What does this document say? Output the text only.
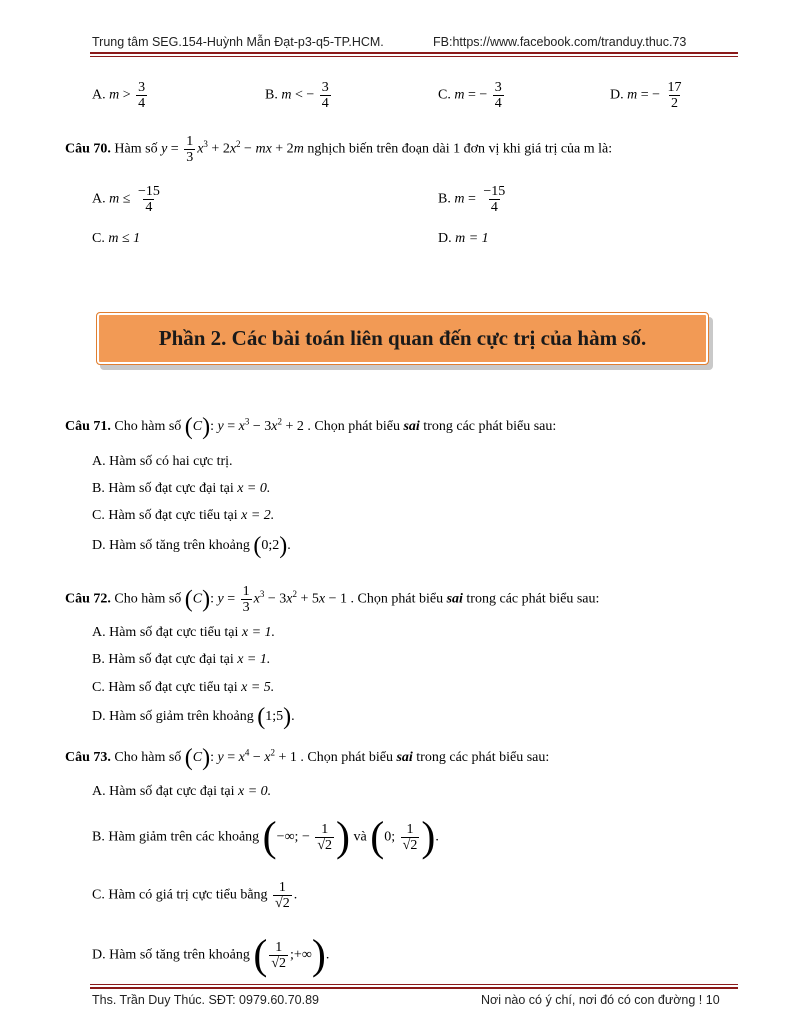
Trung tâm SEG.154-Huỳnh Mẫn Đạt-p3-q5-TP.HCM.	FB:https://www.facebook.com/tranduy.thuc.73
A. $m > \frac{3}{4}$	B. m < − $\frac{3}{4}$	C. m = − $\frac{3}{4}$	D. m = − $\frac{17}{2}$
Câu 70. Hàm số $y = \frac{1}{3} x^3 + 2x^2$ − mx + 2m nghịch biến trên đoạn dài 1 đơn vị khi giá trị của m là:
A. $m \le \frac{-15}{4}$	B. $m = \frac{-15}{4}$
C. m ≤ 1	D. m = 1
Phần 2. Các bài toán liên quan đến cực trị của hàm số.
Câu 71. Cho hàm số (C): $y = x^3 - 3x^2 + 2$ . Chọn phát biểu sai trong các phát biểu sau:
A. Hàm số có hai cực trị.
B. Hàm số đạt cực đại tại x = 0.
C. Hàm số đạt cực tiểu tại x = 2.
D. Hàm số tăng trên khoảng (0;2).
Câu 72. Cho hàm số (C): $y = \frac{1}{3} x^3 - 3x^2 + 5x - 1$ . Chọn phát biểu sai trong các phát biểu sau:
A. Hàm số đạt cực tiểu tại x = 1.
B. Hàm số đạt cực đại tại x = 1.
C. Hàm số đạt cực tiểu tại x = 5.
D. Hàm số giảm trên khoảng (1;5).
Câu 73. Cho hàm số (C): $y = x^4 - x^2 + 1$ . Chọn phát biểu sai trong các phát biểu sau:
A. Hàm số đạt cực đại tại x = 0.
B. Hàm giảm trên các khoảng (−∞; − $\frac{1}{√2}$ ) và (0; $\frac{1}{√2}$ ).
C. Hàm có giá trị cực tiểu bằng $\frac{1}{√2}$ .
D. Hàm số tăng trên khoảng ( $\frac{1}{√2}$ ;+∞).
Ths. Trần Duy Thúc. SĐT: 0979.60.70.89	Nơi nào có ý chí, nơi đó có con đường ! 10
